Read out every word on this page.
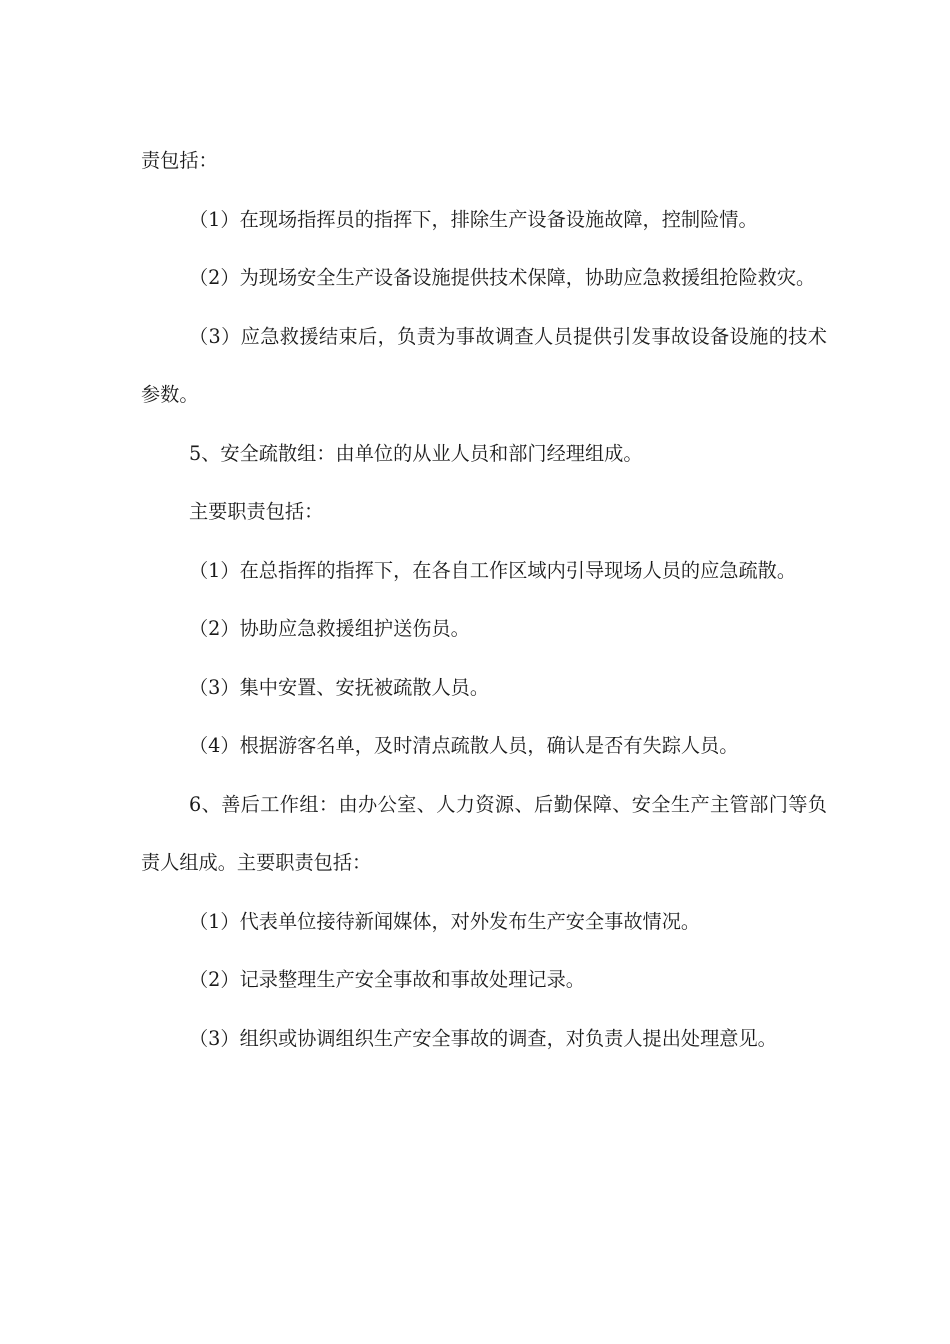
责包括：

（1）在现场指挥员的指挥下，排除生产设备设施故障，控制险情。

（2）为现场安全生产设备设施提供技术保障，协助应急救援组抢险救灾。

（3）应急救援结束后，负责为事故调查人员提供引发事故设备设施的技术参数。

5、安全疏散组：由单位的从业人员和部门经理组成。

主要职责包括：

（1）在总指挥的指挥下，在各自工作区域内引导现场人员的应急疏散。

（2）协助应急救援组护送伤员。

（3）集中安置、安抚被疏散人员。

（4）根据游客名单，及时清点疏散人员，确认是否有失踪人员。

6、善后工作组：由办公室、人力资源、后勤保障、安全生产主管部门等负责人组成。主要职责包括：

（1）代表单位接待新闻媒体，对外发布生产安全事故情况。

（2）记录整理生产安全事故和事故处理记录。

（3）组织或协调组织生产安全事故的调查，对负责人提出处理意见。
